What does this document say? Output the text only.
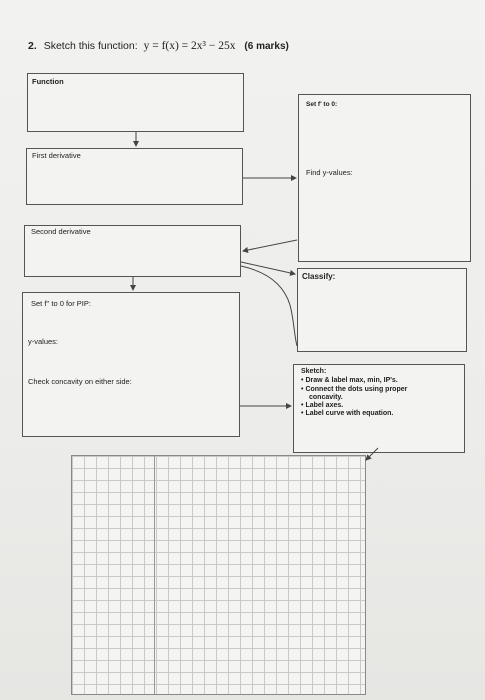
2. Sketch this function: y = f(x) = 2x³ − 25x (6 marks)
Function
First derivative
Second derivative
Set f'' to 0 for PIP:
y-values:
Check concavity on either side:
Set f' to 0:
Find y-values:
Classify:
Sketch:
• Draw & label max, min, IP's.
• Connect the dots using proper
concavity.
• Label axes.
• Label curve with equation.
